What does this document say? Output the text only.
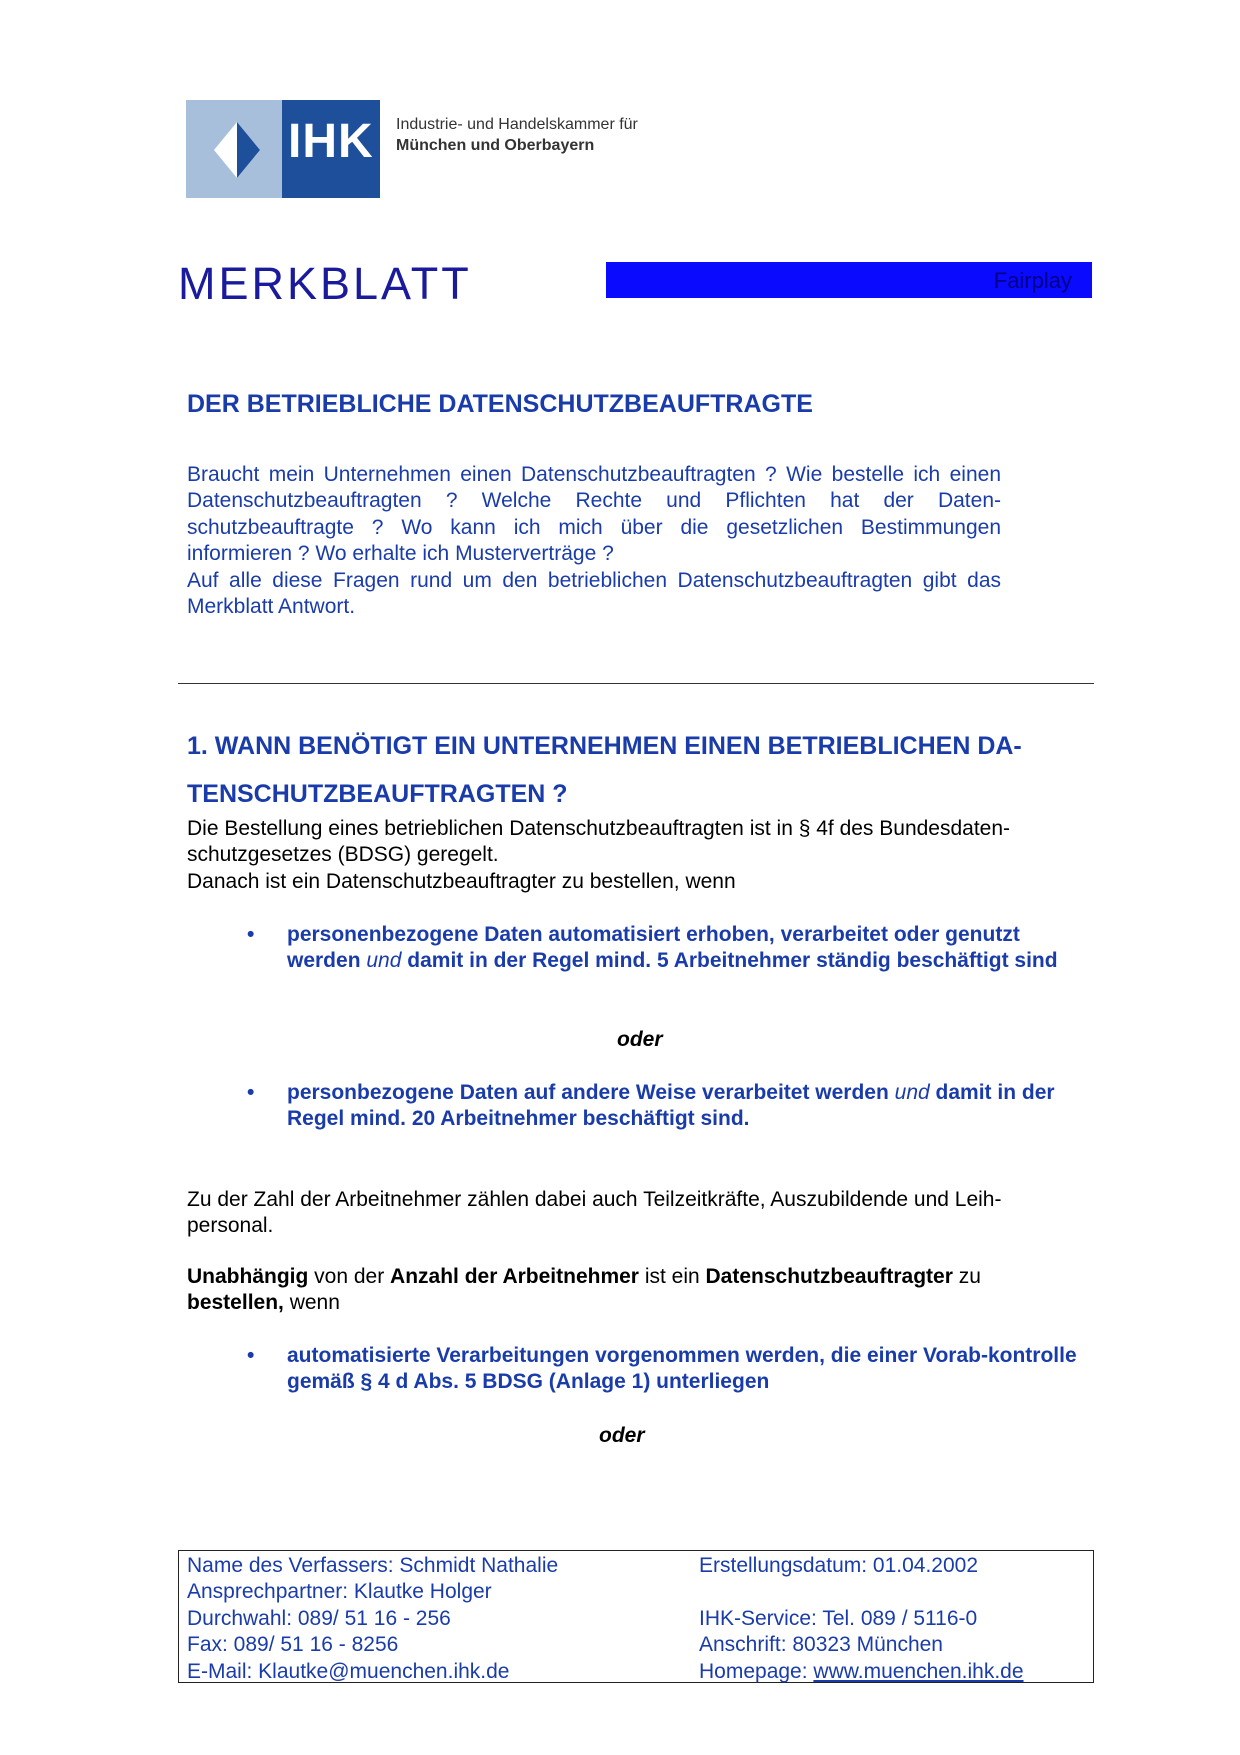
IHK Industrie- und Handelskammer für
München und Oberbayern
MERKBLATT	Fairplay
DER BETRIEBLICHE DATENSCHUTZBEAUFTRAGTE

Braucht mein Unternehmen einen Datenschutzbeauftragten ? Wie bestelle ich einen Datenschutzbeauftragten ? Welche Rechte und Pflichten hat der Daten-schutzbeauftragte ? Wo kann ich mich über die gesetzlichen Bestimmungen informieren ? Wo erhalte ich Musterverträge ?

Auf alle diese Fragen rund um den betrieblichen Datenschutzbeauftragten gibt das Merkblatt Antwort.

1. WANN BENÖTIGT EIN UNTERNEHMEN EINEN BETRIEBLICHEN DA-
TENSCHUTZBEAUFTRAGTEN ?

Die Bestellung eines betrieblichen Datenschutzbeauftragten ist in § 4f des Bundesdaten-schutzgesetzes (BDSG) geregelt.

Danach ist ein Datenschutzbeauftragter zu bestellen, wenn

• personenbezogene Daten automatisiert erhoben, verarbeitet oder genutzt werden und damit in der Regel mind. 5 Arbeitnehmer ständig beschäftigt sind
oder
• personbezogene Daten auf andere Weise verarbeitet werden und damit in der Regel mind. 20 Arbeitnehmer beschäftigt sind.
Zu der Zahl der Arbeitnehmer zählen dabei auch Teilzeitkräfte, Auszubildende und Leih-personal.
Unabhängig von der Anzahl der Arbeitnehmer ist ein Datenschutzbeauftragter zu
bestellen, wenn
• automatisierte Verarbeitungen vorgenommen werden, die einer Vorab-kontrolle gemäß § 4 d Abs. 5 BDSG (Anlage 1) unterliegen
oder
Name des Verfassers: Schmidt Nathalie
Ansprechpartner: Klautke Holger
Durchwahl: 089/ 51 16 - 256
Fax: 089/ 51 16 - 8256
E-Mail: Klautke@muenchen.ihk.de
Erstellungsdatum: 01.04.2002
IHK-Service: Tel. 089 / 5116-0
Anschrift: 80323 München
Homepage: www.muenchen.ihk.de
